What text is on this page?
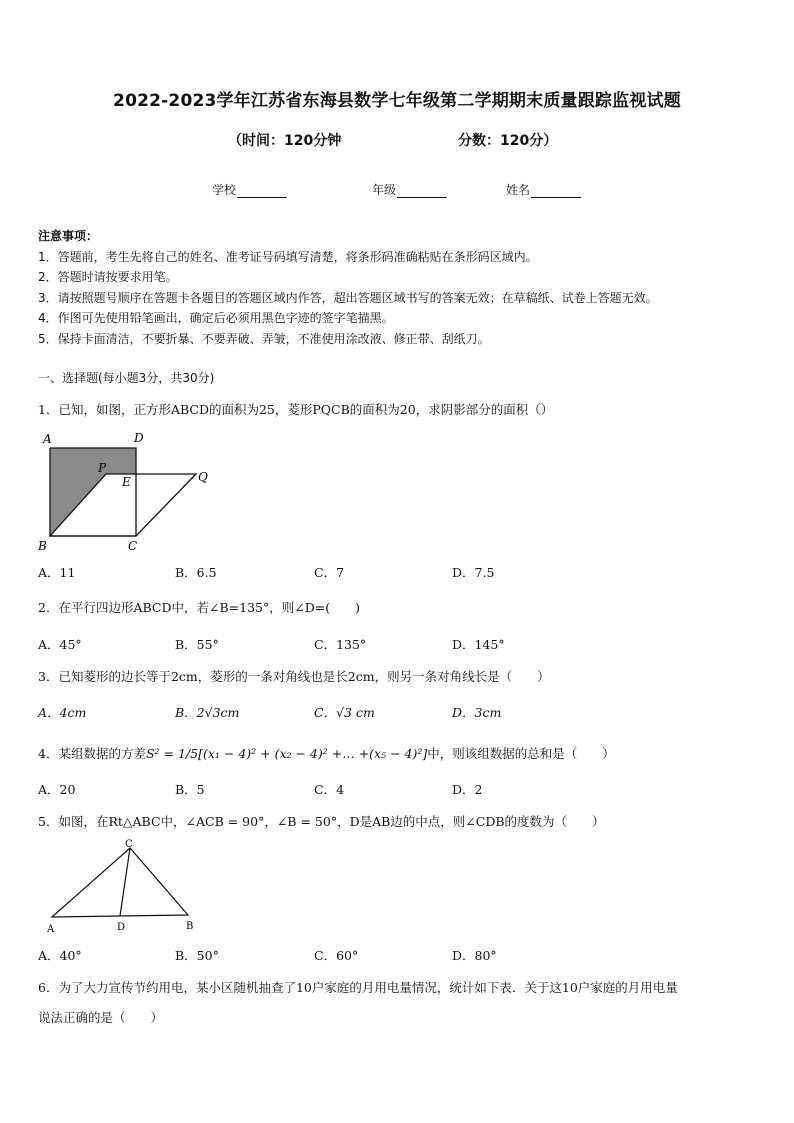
2022-2023学年江苏省东海县数学七年级第二学期期末质量跟踪监视试题
（时间：120分钟	分数：120分）
学校	年级	姓名
注意事项：
1．答题前，考生先将自己的姓名、准考证号码填写清楚，将条形码准确粘贴在条形码区域内。
2．答题时请按要求用笔。
3．请按照题号顺序在答题卡各题目的答题区域内作答，超出答题区域书写的答案无效；在草稿纸、试卷上答题无效。
4．作图可先使用铅笔画出，确定后必须用黑色字迹的签字笔描黑。
5．保持卡面清洁，不要折暴、不要弄破、弄皱，不准使用涂改液、修正带、刮纸刀。
一、选择题(每小题3分，共30分)
1．已知，如图，正方形ABCD的面积为25，菱形PQCB的面积为20，求阴影部分的面积（）
A	D
P
Q
E
B	C
A．11	B．6.5	C．7	D．7.5
2．在平行四边形ABCD中，若∠B=135°，则∠D=(　　)
A．45°	B．55°	C．135°	D．145°
3．已知菱形的边长等于2cm，菱形的一条对角线也是长2cm，则另一条对角线长是（　　）
A．4cm	B．2√3cm	C．√3 cm	D．3cm
4．某组数据的方差S² = 1/5[(x₁ − 4)² + (x₂ − 4)² +… +(x₅ − 4)²]中，则该组数据的总和是（　　）
A．20	B．5	C．4	D．2
5．如图，在Rt△ABC中，∠ACB = 90°，∠B = 50°，D是AB边的中点，则∠CDB的度数为（　　）
C
A	D	B
A．40°	B．50°	C．60°	D．80°
6．为了大力宣传节约用电，某小区随机抽查了10户家庭的月用电量情况，统计如下表．关于这10户家庭的月用电量
说法正确的是（　　）
